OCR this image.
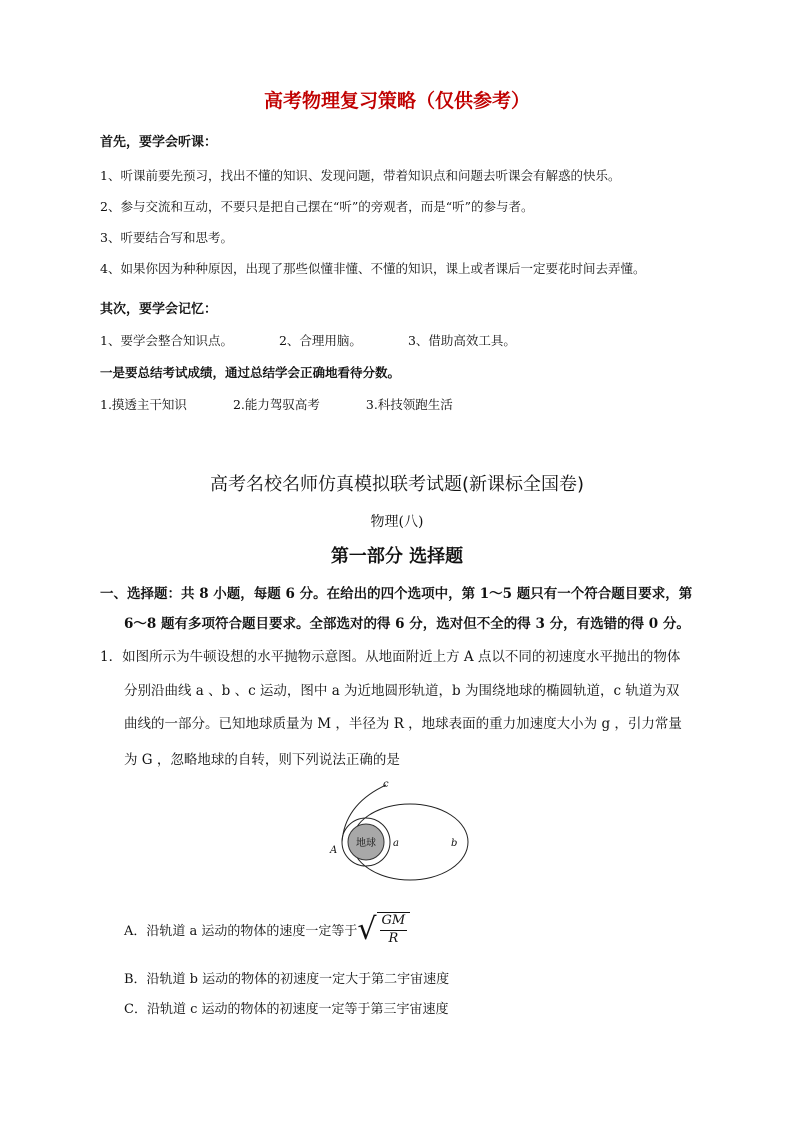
高考物理复习策略（仅供参考）
首先，要学会听课：
1、听课前要先预习，找出不懂的知识、发现问题，带着知识点和问题去听课会有解惑的快乐。
2、参与交流和互动，不要只是把自己摆在“听”的旁观者，而是“听”的参与者。
3、听要结合写和思考。
4、如果你因为种种原因，出现了那些似懂非懂、不懂的知识，课上或者课后一定要花时间去弄懂。
其次，要学会记忆：
1、要学会整合知识点。	2、合理用脑。	3、借助高效工具。
一是要总结考试成绩，通过总结学会正确地看待分数。
1.摸透主干知识	2.能力驾驭高考	3.科技领跑生活
高考名校名师仿真模拟联考试题(新课标全国卷)
物理(八)
第一部分 选择题
一、选择题：共 8 小题，每题 6 分。在给出的四个选项中，第 1～5 题只有一个符合题目要求，第
6～8 题有多项符合题目要求。全部选对的得 6 分，选对但不全的得 3 分，有选错的得 0 分。
1．如图所示为牛顿设想的水平抛物示意图。从地面附近上方 A 点以不同的初速度水平抛出的物体
分别沿曲线 a 、b 、c 运动，图中 a 为近地圆形轨道，b 为围绕地球的椭圆轨道，c 轨道为双
曲线的一部分。已知地球质量为 M ，半径为 R ，地球表面的重力加速度大小为 g ，引力常量
为 G ，忽略地球的自转，则下列说法正确的是
地球 a	b
c
A
A．沿轨道 a 运动的物体的速度一定等于 √ $\frac{GM}{R}$
B．沿轨道 b 运动的物体的初速度一定大于第二宇宙速度
C．沿轨道 c 运动的物体的初速度一定等于第三宇宙速度
